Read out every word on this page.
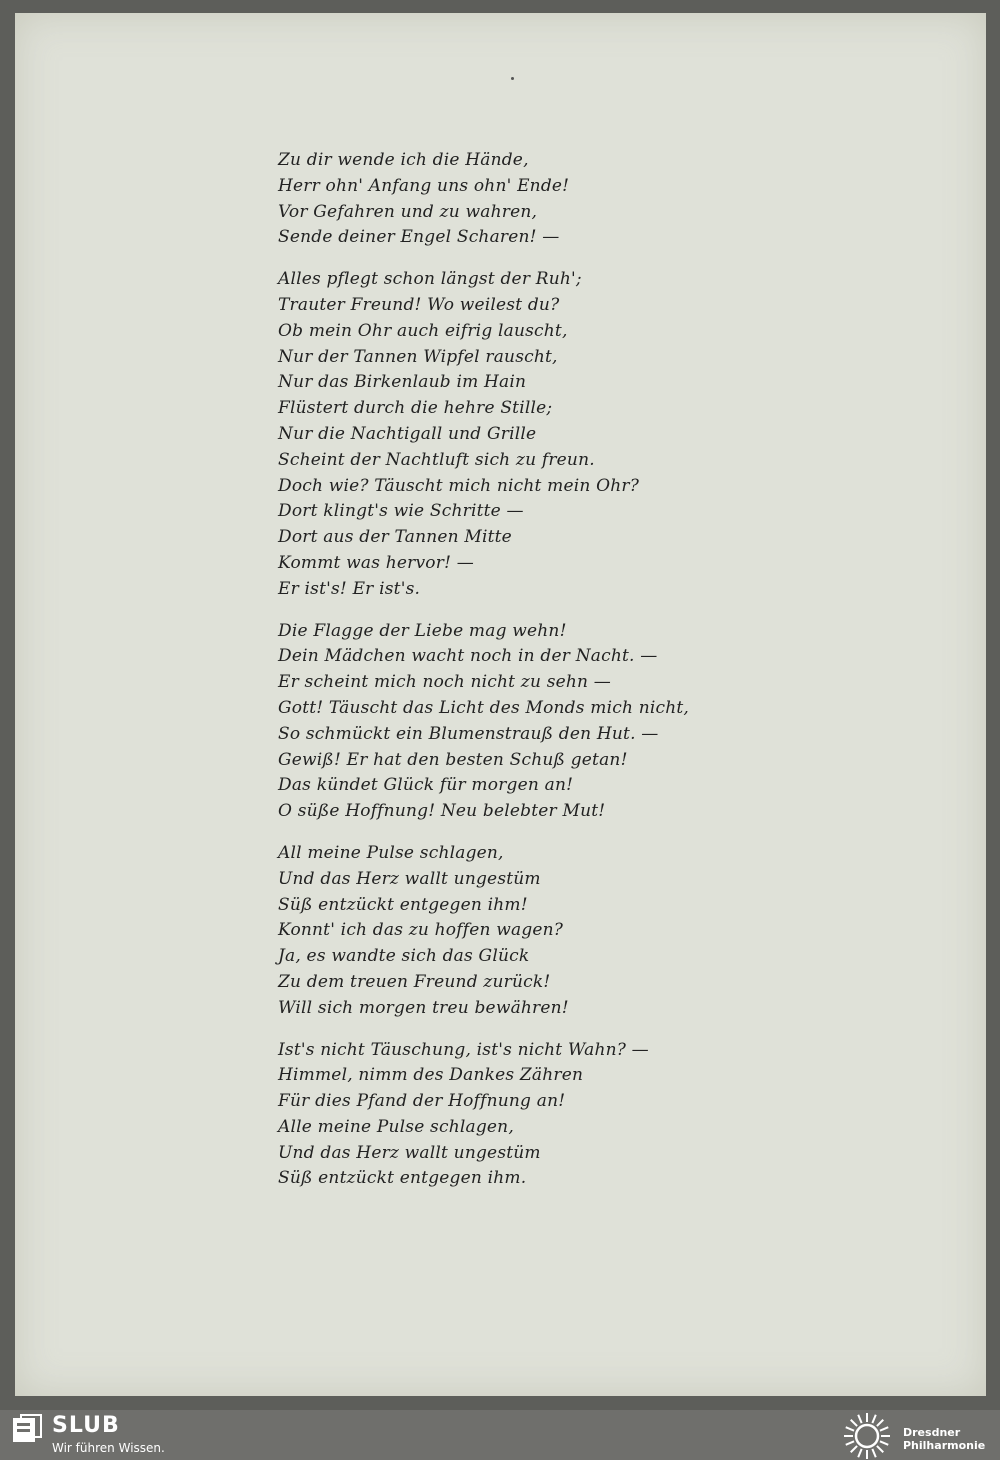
Zu dir wende ich die Hände,
Herr ohn' Anfang uns ohn' Ende!
Vor Gefahren und zu wahren,
Sende deiner Engel Scharen! —
Alles pflegt schon längst der Ruh';
Trauter Freund! Wo weilest du?
Ob mein Ohr auch eifrig lauscht,
Nur der Tannen Wipfel rauscht,
Nur das Birkenlaub im Hain
Flüstert durch die hehre Stille;
Nur die Nachtigall und Grille
Scheint der Nachtluft sich zu freun.
Doch wie? Täuscht mich nicht mein Ohr?
Dort klingt's wie Schritte —
Dort aus der Tannen Mitte
Kommt was hervor! —
Er ist's! Er ist's.
Die Flagge der Liebe mag wehn!
Dein Mädchen wacht noch in der Nacht. —
Er scheint mich noch nicht zu sehn —
Gott! Täuscht das Licht des Monds mich nicht,
So schmückt ein Blumenstrauß den Hut. —
Gewiß! Er hat den besten Schuß getan!
Das kündet Glück für morgen an!
O süße Hoffnung! Neu belebter Mut!
All meine Pulse schlagen,
Und das Herz wallt ungestüm
Süß entzückt entgegen ihm!
Konnt' ich das zu hoffen wagen?
Ja, es wandte sich das Glück
Zu dem treuen Freund zurück!
Will sich morgen treu bewähren!
Ist's nicht Täuschung, ist's nicht Wahn? —
Himmel, nimm des Dankes Zähren
Für dies Pfand der Hoffnung an!
Alle meine Pulse schlagen,
Und das Herz wallt ungestüm
Süß entzückt entgegen ihm.
SLUB
Wir führen Wissen.
Dresdner
Philharmonie
